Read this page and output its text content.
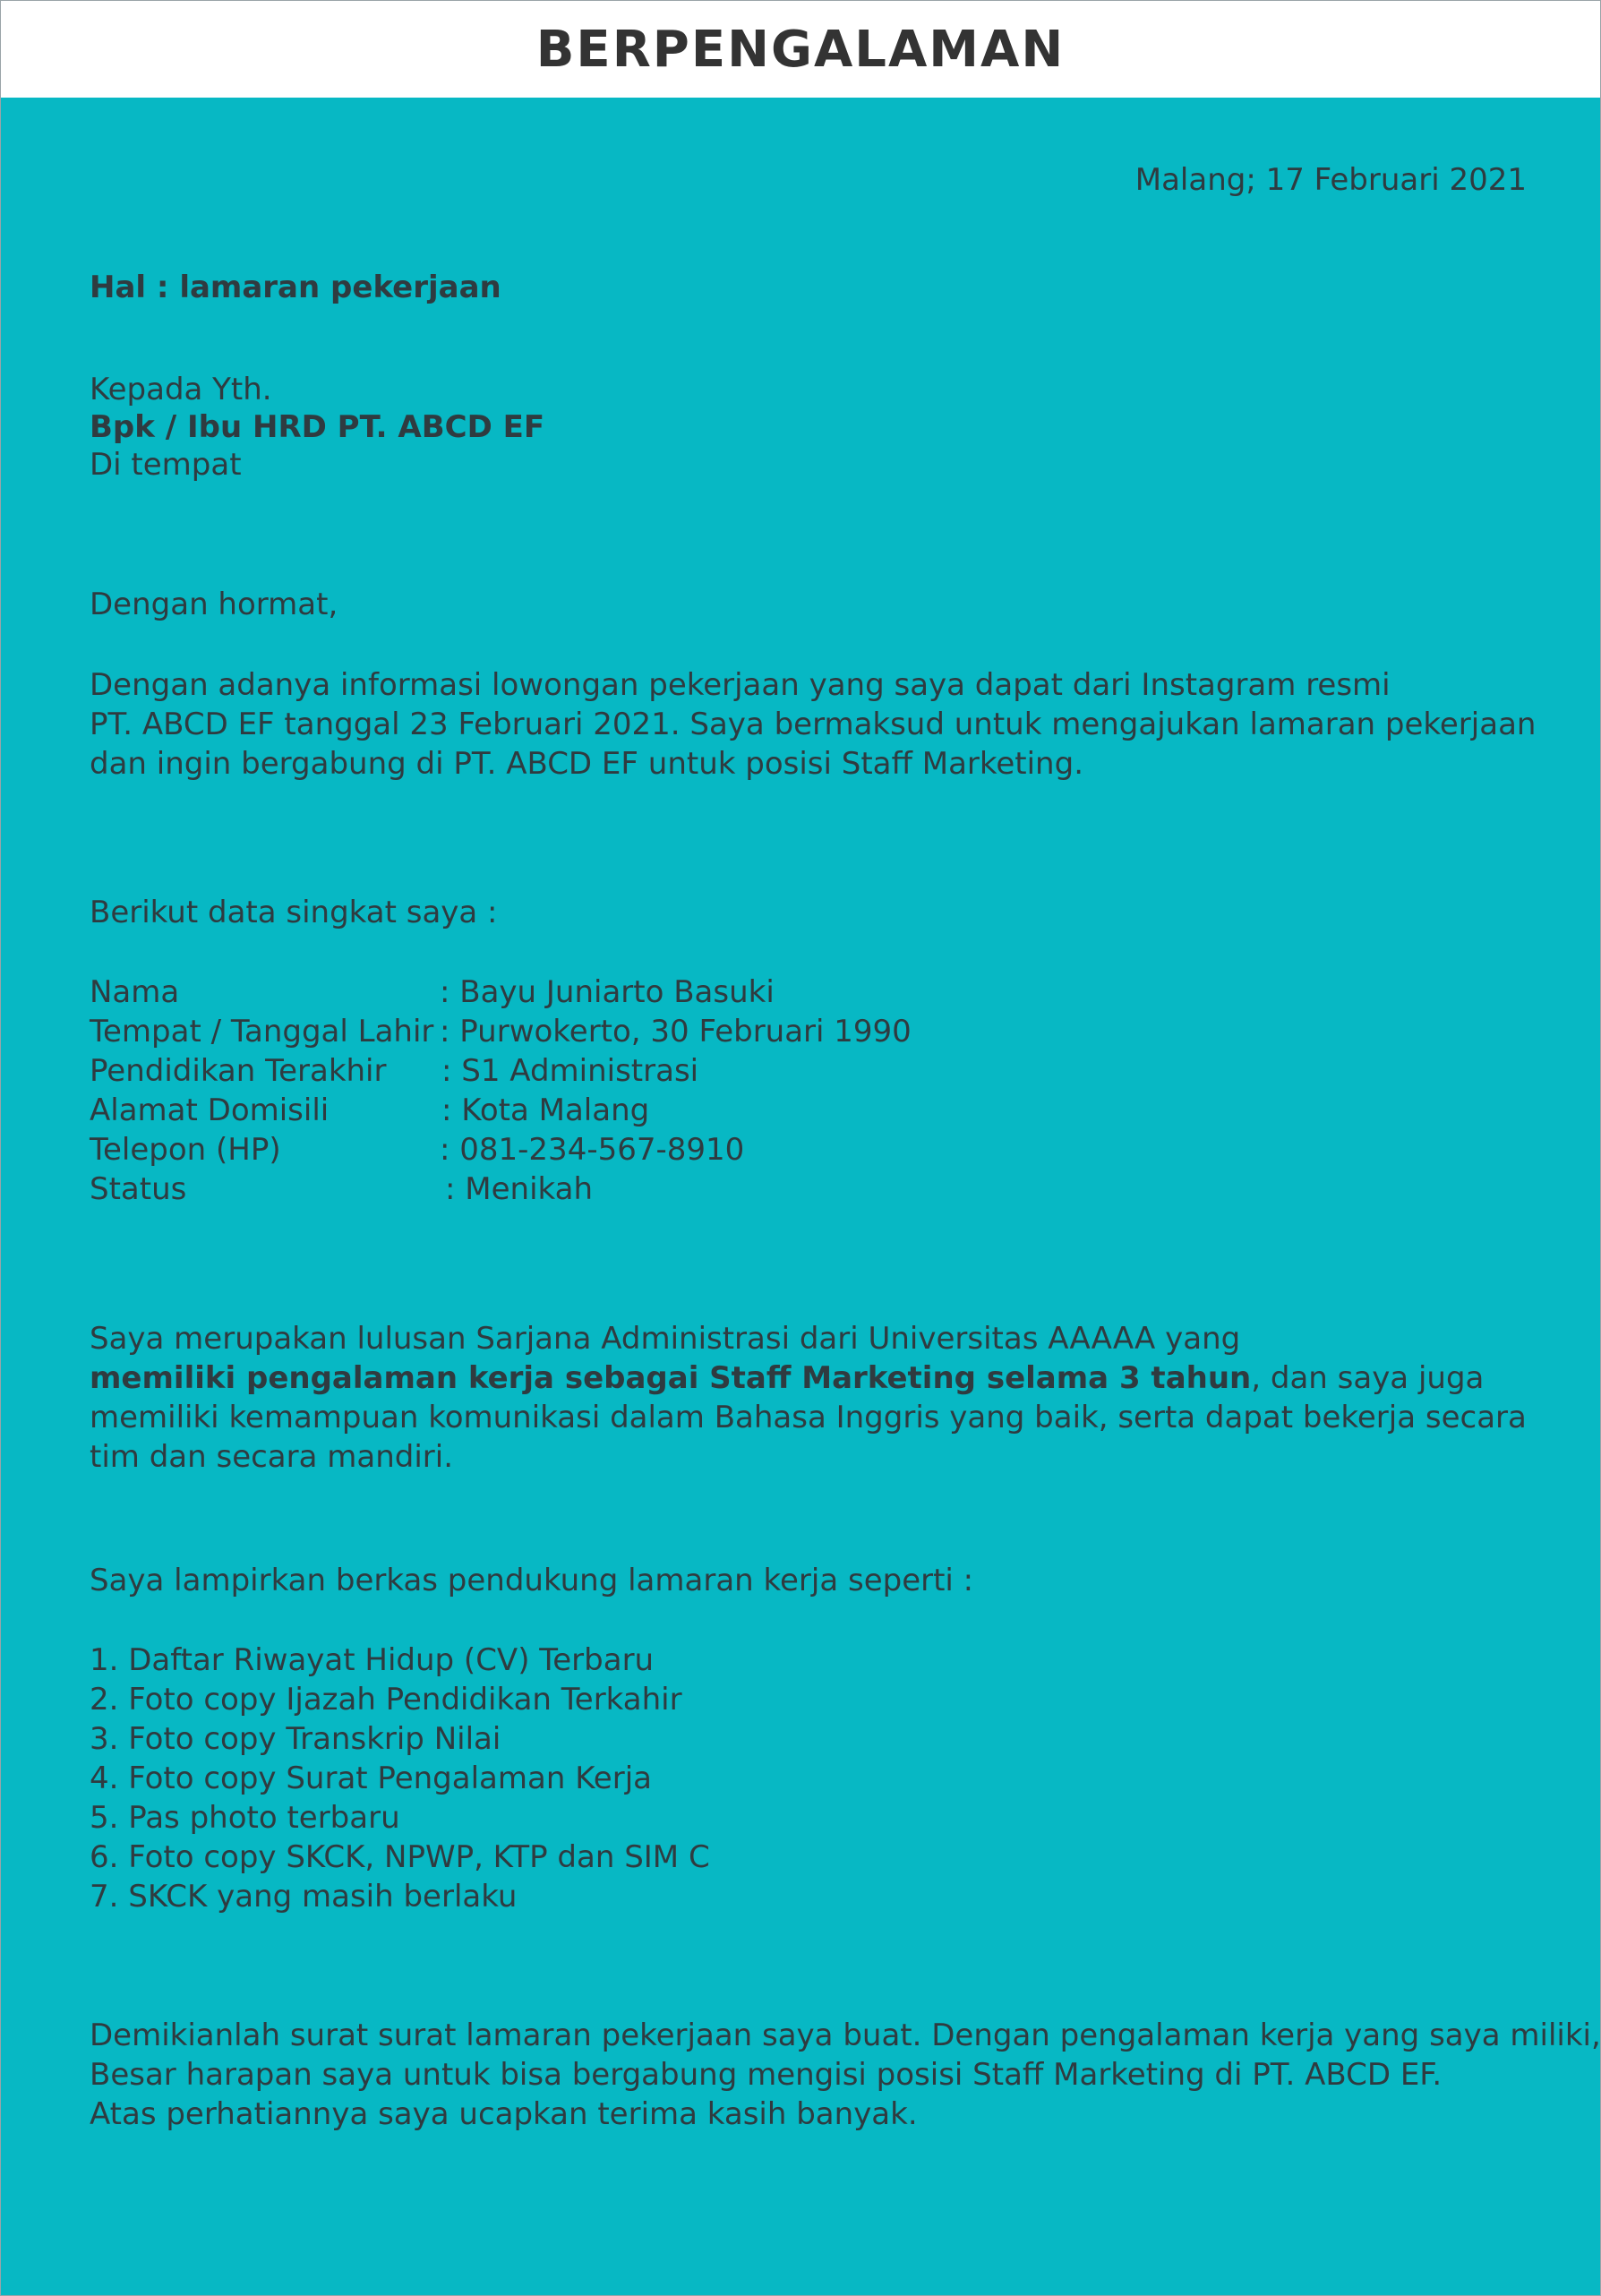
BERPENGALAMAN
Malang; 17 Februari 2021
Hal : lamaran pekerjaan
Kepada Yth.
Bpk / Ibu HRD PT. ABCD EF
Di tempat
Dengan hormat,
Dengan adanya informasi lowongan pekerjaan yang saya dapat dari Instagram resmi
PT. ABCD EF tanggal 23 Februari 2021. Saya bermaksud untuk mengajukan lamaran pekerjaan
dan ingin bergabung di PT. ABCD EF untuk posisi Staff Marketing.
Berikut data singkat saya :
Nama	: Bayu Juniarto Basuki
Tempat / Tanggal Lahir : Purwokerto, 30 Februari 1990
Pendidikan Terakhir : S1 Administrasi
Alamat Domisili	: Kota Malang
Telepon (HP)	: 081-234-567-8910
Status	: Menikah
Saya merupakan lulusan Sarjana Administrasi dari Universitas AAAAA yang
memiliki pengalaman kerja sebagai Staff Marketing selama 3 tahun, dan saya juga
memiliki kemampuan komunikasi dalam Bahasa Inggris yang baik, serta dapat bekerja secara
tim dan secara mandiri.
Saya lampirkan berkas pendukung lamaran kerja seperti :
1. Daftar Riwayat Hidup (CV) Terbaru
2. Foto copy Ijazah Pendidikan Terkahir
3. Foto copy Transkrip Nilai
4. Foto copy Surat Pengalaman Kerja
5. Pas photo terbaru
6. Foto copy SKCK, NPWP, KTP dan SIM C
7. SKCK yang masih berlaku
Demikianlah surat surat lamaran pekerjaan saya buat. Dengan pengalaman kerja yang saya miliki,
Besar harapan saya untuk bisa bergabung mengisi posisi Staff Marketing di PT. ABCD EF.
Atas perhatiannya saya ucapkan terima kasih banyak.
